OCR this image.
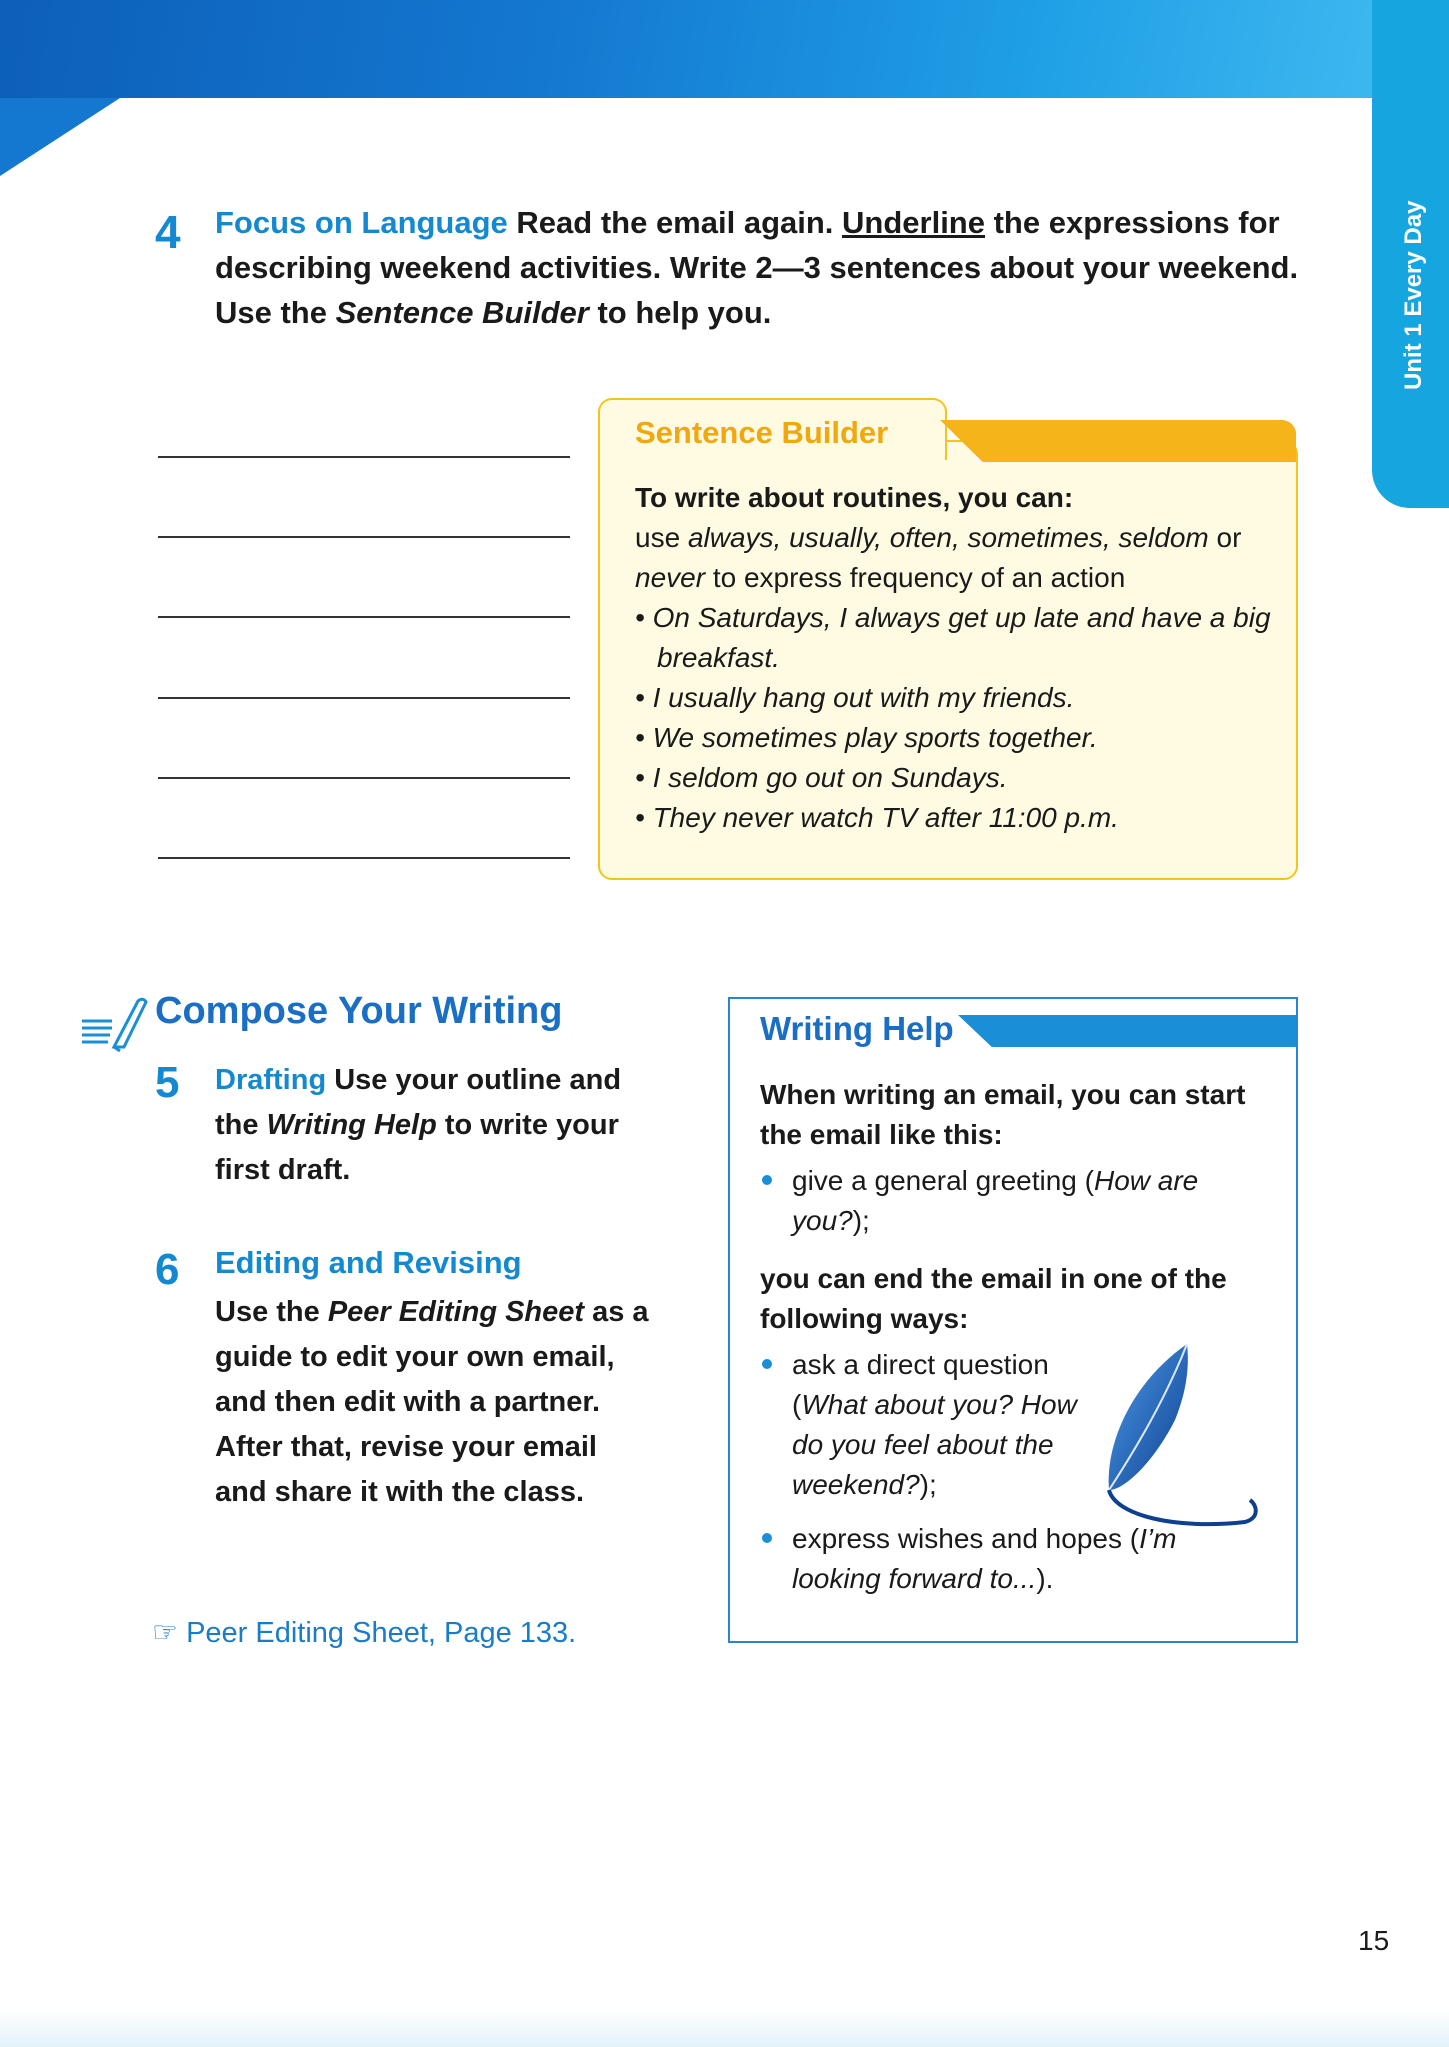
Unit 1 Every Day
4 Focus on Language Read the email again. Underline the expressions for describing weekend activities. Write 2—3 sentences about your weekend. Use the Sentence Builder to help you.
Sentence Builder
To write about routines, you can:
use always, usually, often, sometimes, seldom or never to express frequency of an action
• On Saturdays, I always get up late and have a big breakfast.
• I usually hang out with my friends.
• We sometimes play sports together.
• I seldom go out on Sundays.
• They never watch TV after 11:00 p.m.
Compose Your Writing
5 Drafting Use your outline and the Writing Help to write your first draft.
6 Editing and Revising
Use the Peer Editing Sheet as a guide to edit your own email, and then edit with a partner. After that, revise your email and share it with the class.
☞ Peer Editing Sheet, Page 133.
Writing Help
When writing an email, you can start the email like this:
give a general greeting (How are you?);
you can end the email in one of the following ways:
ask a direct question (What about you? How do you feel about the weekend?);
express wishes and hopes (I’m looking forward to...).
15
